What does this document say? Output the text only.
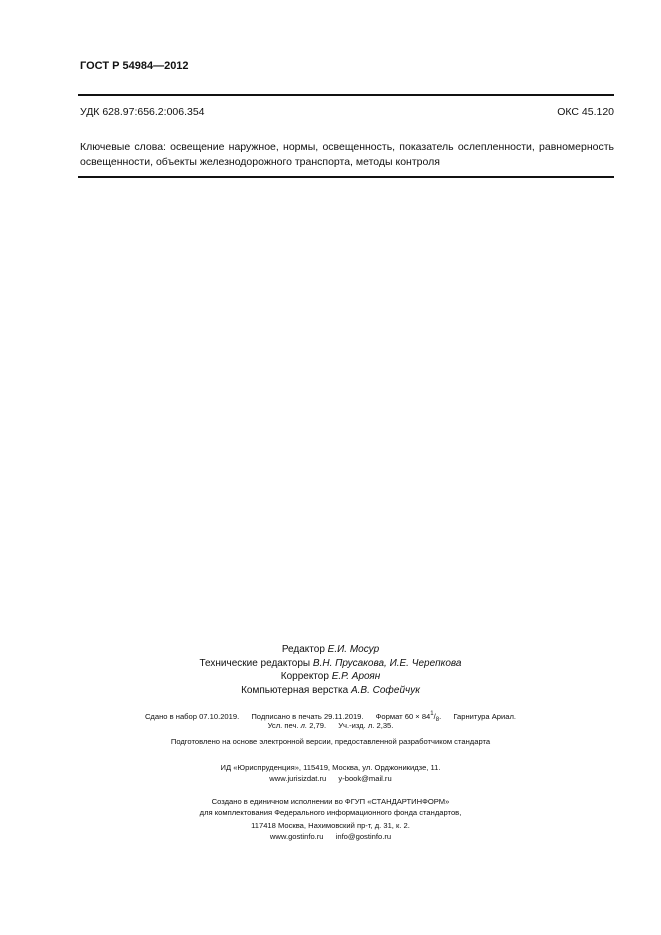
ГОСТ Р 54984—2012
УДК 628.97:656.2:006.354	ОКС 45.120
Ключевые слова: освещение наружное, нормы, освещенность, показатель ослепленности, равномерность освещенности, объекты железнодорожного транспорта, методы контроля
Редактор Е.И. Мосур
Технические редакторы В.Н. Прусакова, И.Е. Черепкова
Корректор Е.Р. Ароян
Компьютерная верстка А.В. Софейчук
Сдано в набор 07.10.2019. Подписано в печать 29.11.2019. Формат $60 \times 84^1/_8$. Гарнитура Ариал.
Усл. печ. л. 2,79. Уч.-изд. л. 2,35.
Подготовлено на основе электронной версии, предоставленной разработчиком стандарта
ИД «Юриспруденция», 115419, Москва, ул. Орджоникидзе, 11.
www.jurisizdat.ru y-book@mail.ru
Создано в единичном исполнении во ФГУП «СТАНДАРТИНФОРМ»
для комплектования Федерального информационного фонда стандартов,
117418 Москва, Нахимовский пр-т, д. 31, к. 2.
www.gostinfo.ru info@gostinfo.ru
